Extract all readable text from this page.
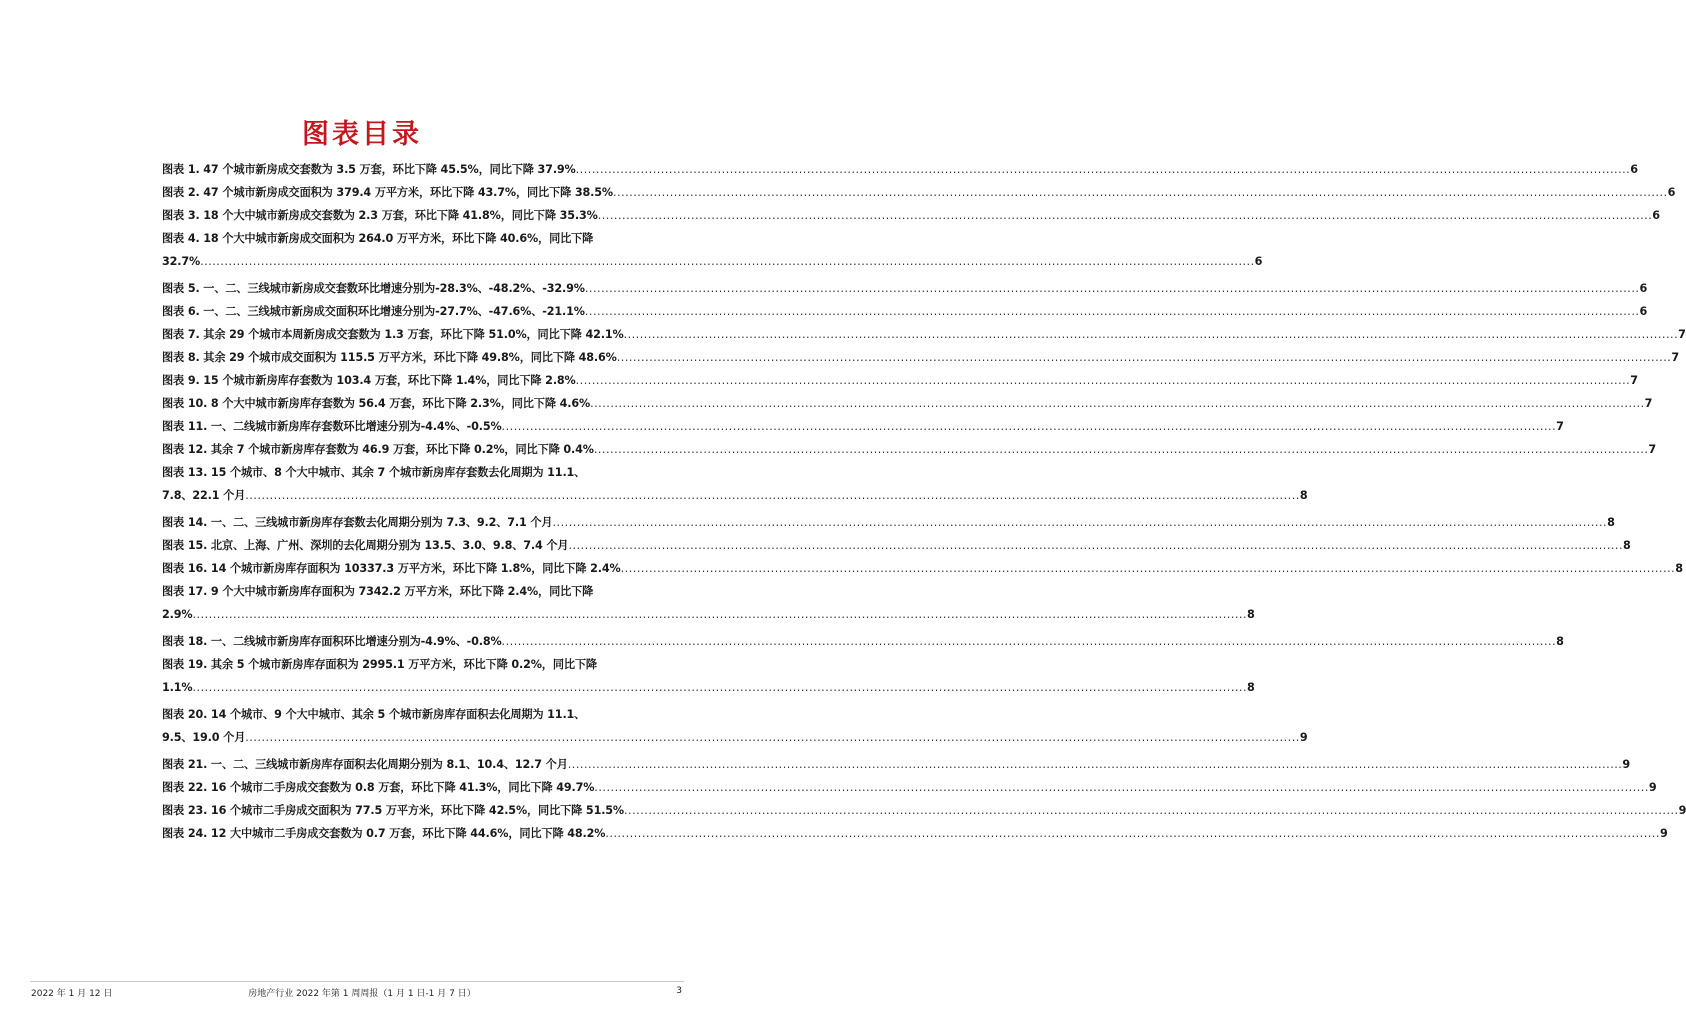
图表目录
图表 1. 47 个城市新房成交套数为 3.5 万套，环比下降 45.5%，同比下降 37.9% .................................................................................................................................................................................................................................................................... 6
图表 2. 47 个城市新房成交面积为 379.4 万平方米，环比下降 43.7%，同比下降 38.5% .................................................................................................................................................................................................................................................................... 6
图表 3. 18 个大中城市新房成交套数为 2.3 万套，环比下降 41.8%，同比下降 35.3% .................................................................................................................................................................................................................................................................... 6
图表 4. 18 个大中城市新房成交面积为 264.0 万平方米，环比下降 40.6%，同比下降
32.7% .................................................................................................................................................................................................................................................................... 6
图表 5. 一、二、三线城市新房成交套数环比增速分别为-28.3%、-48.2%、-32.9% .................................................................................................................................................................................................................................................................... 6
图表 6. 一、二、三线城市新房成交面积环比增速分别为-27.7%、-47.6%、-21.1% .................................................................................................................................................................................................................................................................... 6
图表 7. 其余 29 个城市本周新房成交套数为 1.3 万套，环比下降 51.0%，同比下降 42.1% .................................................................................................................................................................................................................................................................... 7
图表 8. 其余 29 个城市成交面积为 115.5 万平方米，环比下降 49.8%，同比下降 48.6% .................................................................................................................................................................................................................................................................... 7
图表 9. 15 个城市新房库存套数为 103.4 万套，环比下降 1.4%，同比下降 2.8% .................................................................................................................................................................................................................................................................... 7
图表 10. 8 个大中城市新房库存套数为 56.4 万套，环比下降 2.3%，同比下降 4.6% .................................................................................................................................................................................................................................................................... 7
图表 11. 一、二线城市新房库存套数环比增速分别为-4.4%、-0.5% .................................................................................................................................................................................................................................................................... 7
图表 12. 其余 7 个城市新房库存套数为 46.9 万套，环比下降 0.2%，同比下降 0.4% .................................................................................................................................................................................................................................................................... 7
图表 13. 15 个城市、8 个大中城市、其余 7 个城市新房库存套数去化周期为 11.1、
7.8、22.1 个月 .................................................................................................................................................................................................................................................................... 8
图表 14. 一、二、三线城市新房库存套数去化周期分别为 7.3、9.2、7.1 个月 .................................................................................................................................................................................................................................................................... 8
图表 15. 北京、上海、广州、深圳的去化周期分别为 13.5、3.0、9.8、7.4 个月 .................................................................................................................................................................................................................................................................... 8
图表 16. 14 个城市新房库存面积为 10337.3 万平方米，环比下降 1.8%，同比下降 2.4% .................................................................................................................................................................................................................................................................... 8
图表 17. 9 个大中城市新房库存面积为 7342.2 万平方米，环比下降 2.4%，同比下降
2.9% .................................................................................................................................................................................................................................................................... 8
图表 18. 一、二线城市新房库存面积环比增速分别为-4.9%、-0.8% .................................................................................................................................................................................................................................................................... 8
图表 19. 其余 5 个城市新房库存面积为 2995.1 万平方米，环比下降 0.2%，同比下降
1.1% .................................................................................................................................................................................................................................................................... 8
图表 20. 14 个城市、9 个大中城市、其余 5 个城市新房库存面积去化周期为 11.1、
9.5、19.0 个月 .................................................................................................................................................................................................................................................................... 9
图表 21. 一、二、三线城市新房库存面积去化周期分别为 8.1、10.4、12.7 个月 .................................................................................................................................................................................................................................................................... 9
图表 22. 16 个城市二手房成交套数为 0.8 万套，环比下降 41.3%，同比下降 49.7% .................................................................................................................................................................................................................................................................... 9
图表 23. 16 个城市二手房成交面积为 77.5 万平方米，环比下降 42.5%，同比下降 51.5% .................................................................................................................................................................................................................................................................... 9
图表 24. 12 大中城市二手房成交套数为 0.7 万套，环比下降 44.6%，同比下降 48.2% .................................................................................................................................................................................................................................................................... 9
2022 年 1 月 12 日	房地产行业 2022 年第 1 周周报（1 月 1 日-1 月 7 日）	3
